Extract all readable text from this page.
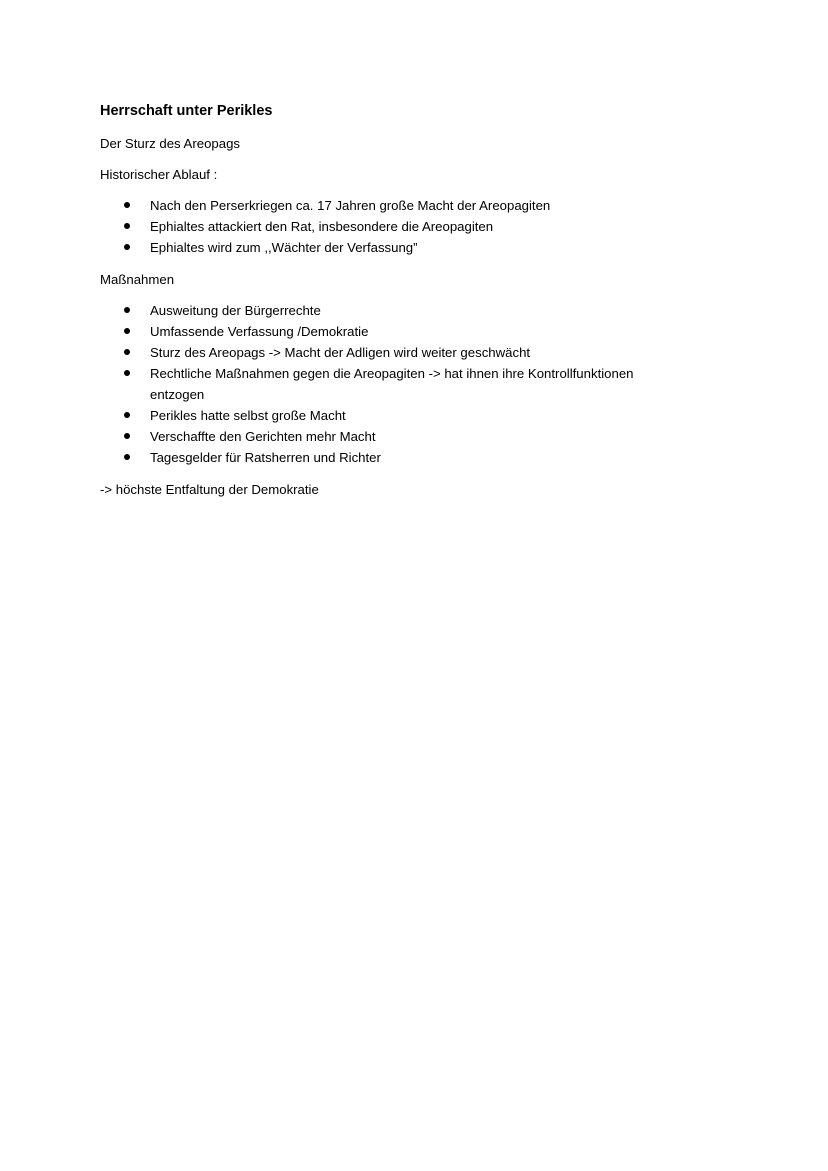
Herrschaft unter Perikles
Der Sturz des Areopags
Historischer Ablauf :
Nach den Perserkriegen ca. 17 Jahren große Macht der Areopagiten
Ephialtes attackiert den Rat, insbesondere die Areopagiten
Ephialtes wird zum ,,Wächter der Verfassung”
Maßnahmen
Ausweitung der Bürgerrechte
Umfassende Verfassung /Demokratie
Sturz des Areopags -> Macht der Adligen wird weiter geschwächt
Rechtliche Maßnahmen gegen die Areopagiten -> hat ihnen ihre Kontrollfunktionen entzogen
Perikles hatte selbst große Macht
Verschaffte den Gerichten mehr Macht
Tagesgelder für Ratsherren und Richter
-> höchste Entfaltung der Demokratie
